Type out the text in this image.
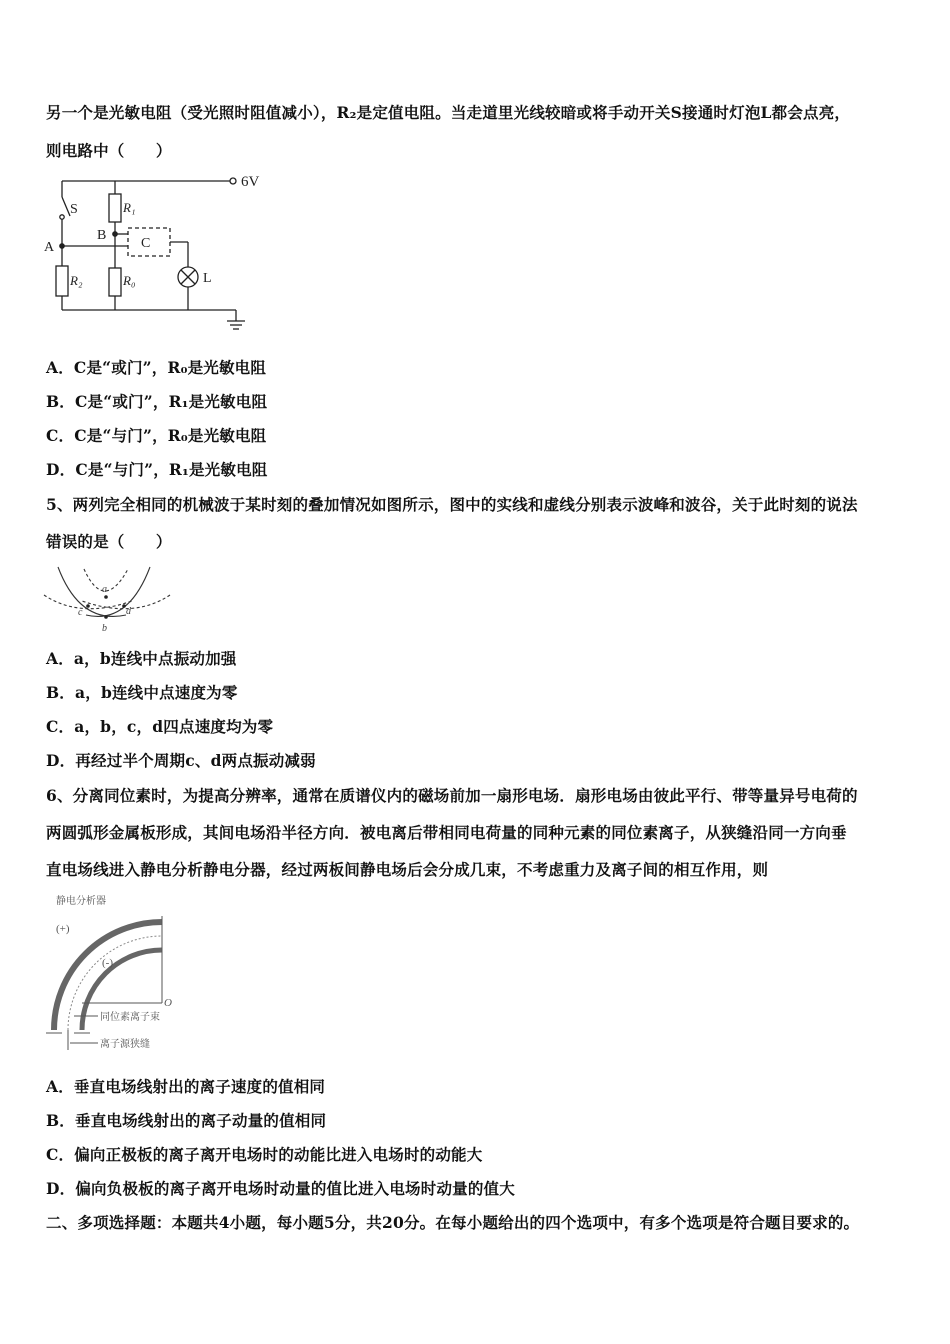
另一个是光敏电阻（受光照时阻值减小），R₂是定值电阻。当走道里光线较暗或将手动开关S接通时灯泡L都会点亮，
则电路中（　　）
6V
S	R₁
A
B
C
R₂	R₀	L
A．C是“或门”，R₀是光敏电阻
B．C是“或门”，R₁是光敏电阻
C．C是“与门”，R₀是光敏电阻
D．C是“与门”，R₁是光敏电阻
5、两列完全相同的机械波于某时刻的叠加情况如图所示，图中的实线和虚线分别表示波峰和波谷，关于此时刻的说法
错误的是（　　）
a
b
c	d
A．a，b连线中点振动加强
B．a，b连线中点速度为零
C．a，b，c，d四点速度均为零
D．再经过半个周期c、d两点振动减弱
6、分离同位素时，为提高分辨率，通常在质谱仪内的磁场前加一扇形电场．扇形电场由彼此平行、带等量异号电荷的
两圆弧形金属板形成，其间电场沿半径方向．被电离后带相同电荷量的同种元素的同位素离子，从狭缝沿同一方向垂
直电场线进入静电分析静电分器，经过两板间静电场后会分成几束，不考虑重力及离子间的相互作用，则
静电分析器
(+)
(-)
O
同位素离子束
离子源狭缝
A．垂直电场线射出的离子速度的值相同
B．垂直电场线射出的离子动量的值相同
C．偏向正极板的离子离开电场时的动能比进入电场时的动能大
D．偏向负极板的离子离开电场时动量的值比进入电场时动量的值大
二、多项选择题：本题共4小题，每小题5分，共20分。在每小题给出的四个选项中，有多个选项是符合题目要求的。
